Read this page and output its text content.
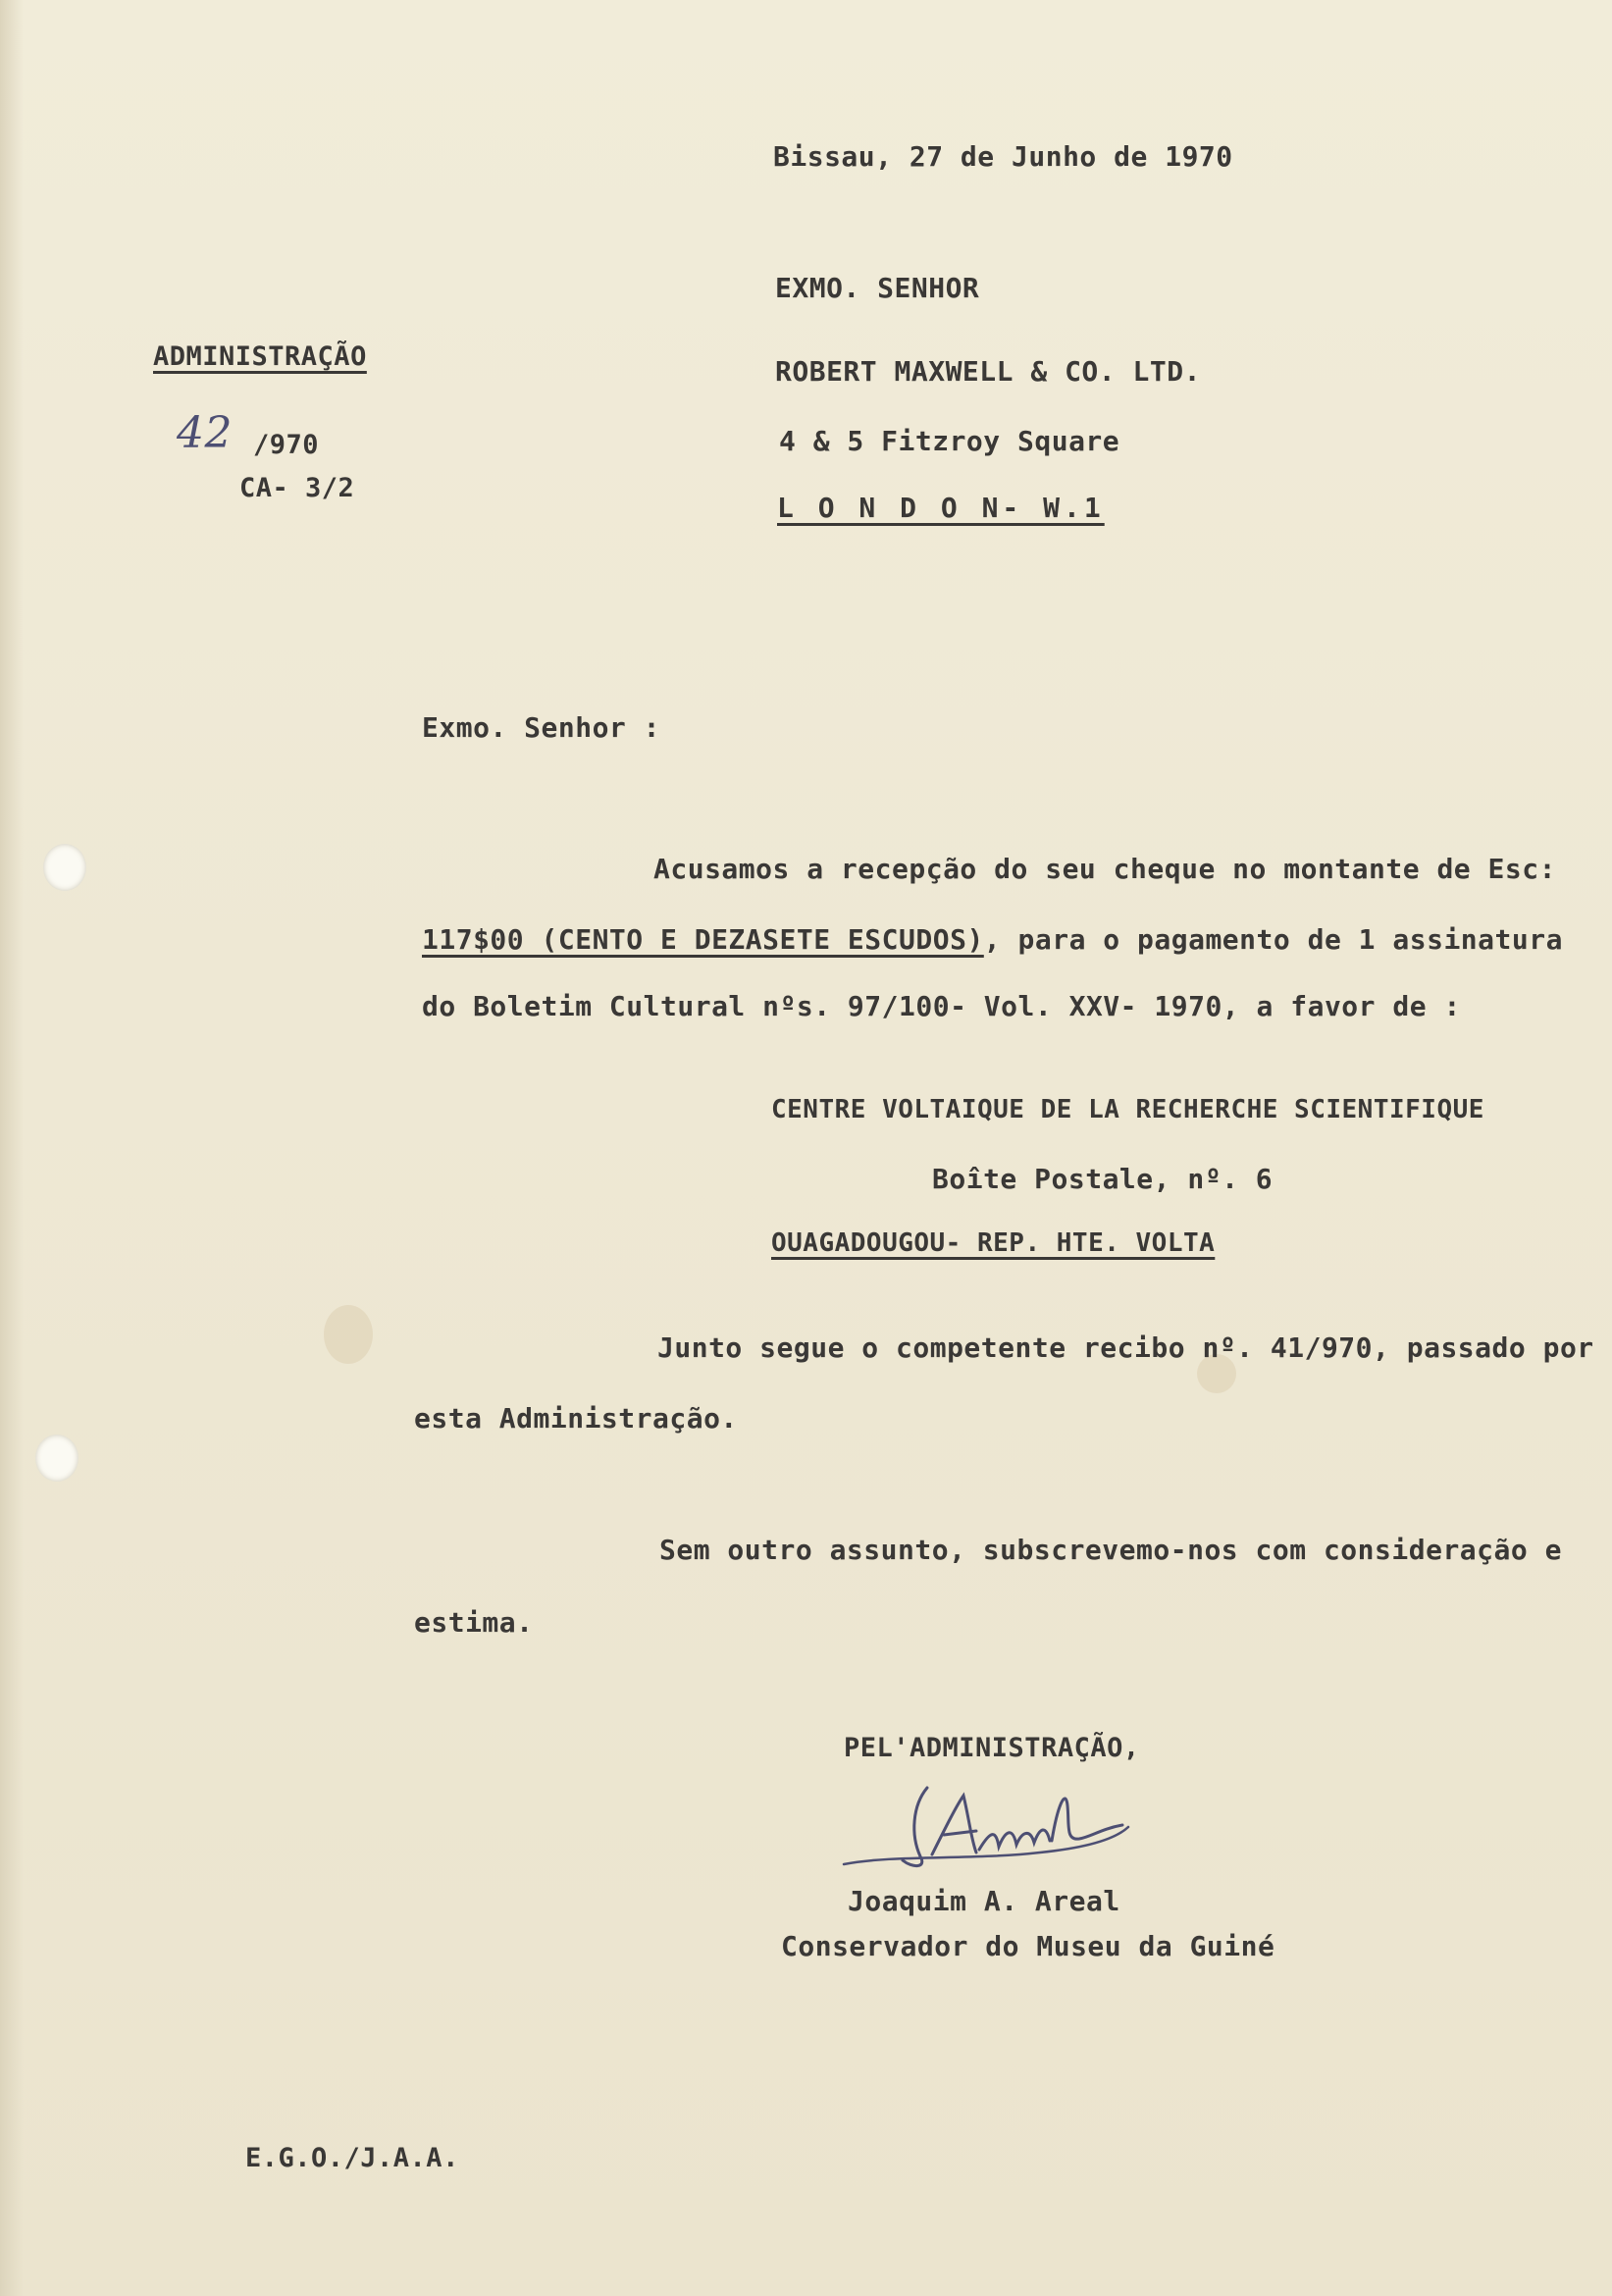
Bissau, 27 de Junho de 1970
ADMINISTRAÇÃO
42 /970
CA- 3/2
EXMO. SENHOR
ROBERT MAXWELL & CO. LTD.
4 & 5 Fitzroy Square
L O N D O N- W.1
Exmo. Senhor :
Acusamos a recepção do seu cheque no montante de Esc:
117$00 (CENTO E DEZASETE ESCUDOS), para o pagamento de 1 assinatura
do Boletim Cultural nºs. 97/100- Vol. XXV- 1970, a favor de :
CENTRE VOLTAIQUE DE LA RECHERCHE SCIENTIFIQUE
Boîte Postale, nº. 6
OUAGADOUGOU- REP. HTE. VOLTA
Junto segue o competente recibo nº. 41/970, passado por
esta Administração.
Sem outro assunto, subscrevemo-nos com consideração e
estima.
PEL'ADMINISTRAÇÃO,
Joaquim A. Areal
Conservador do Museu da Guiné
E.G.O./J.A.A.
